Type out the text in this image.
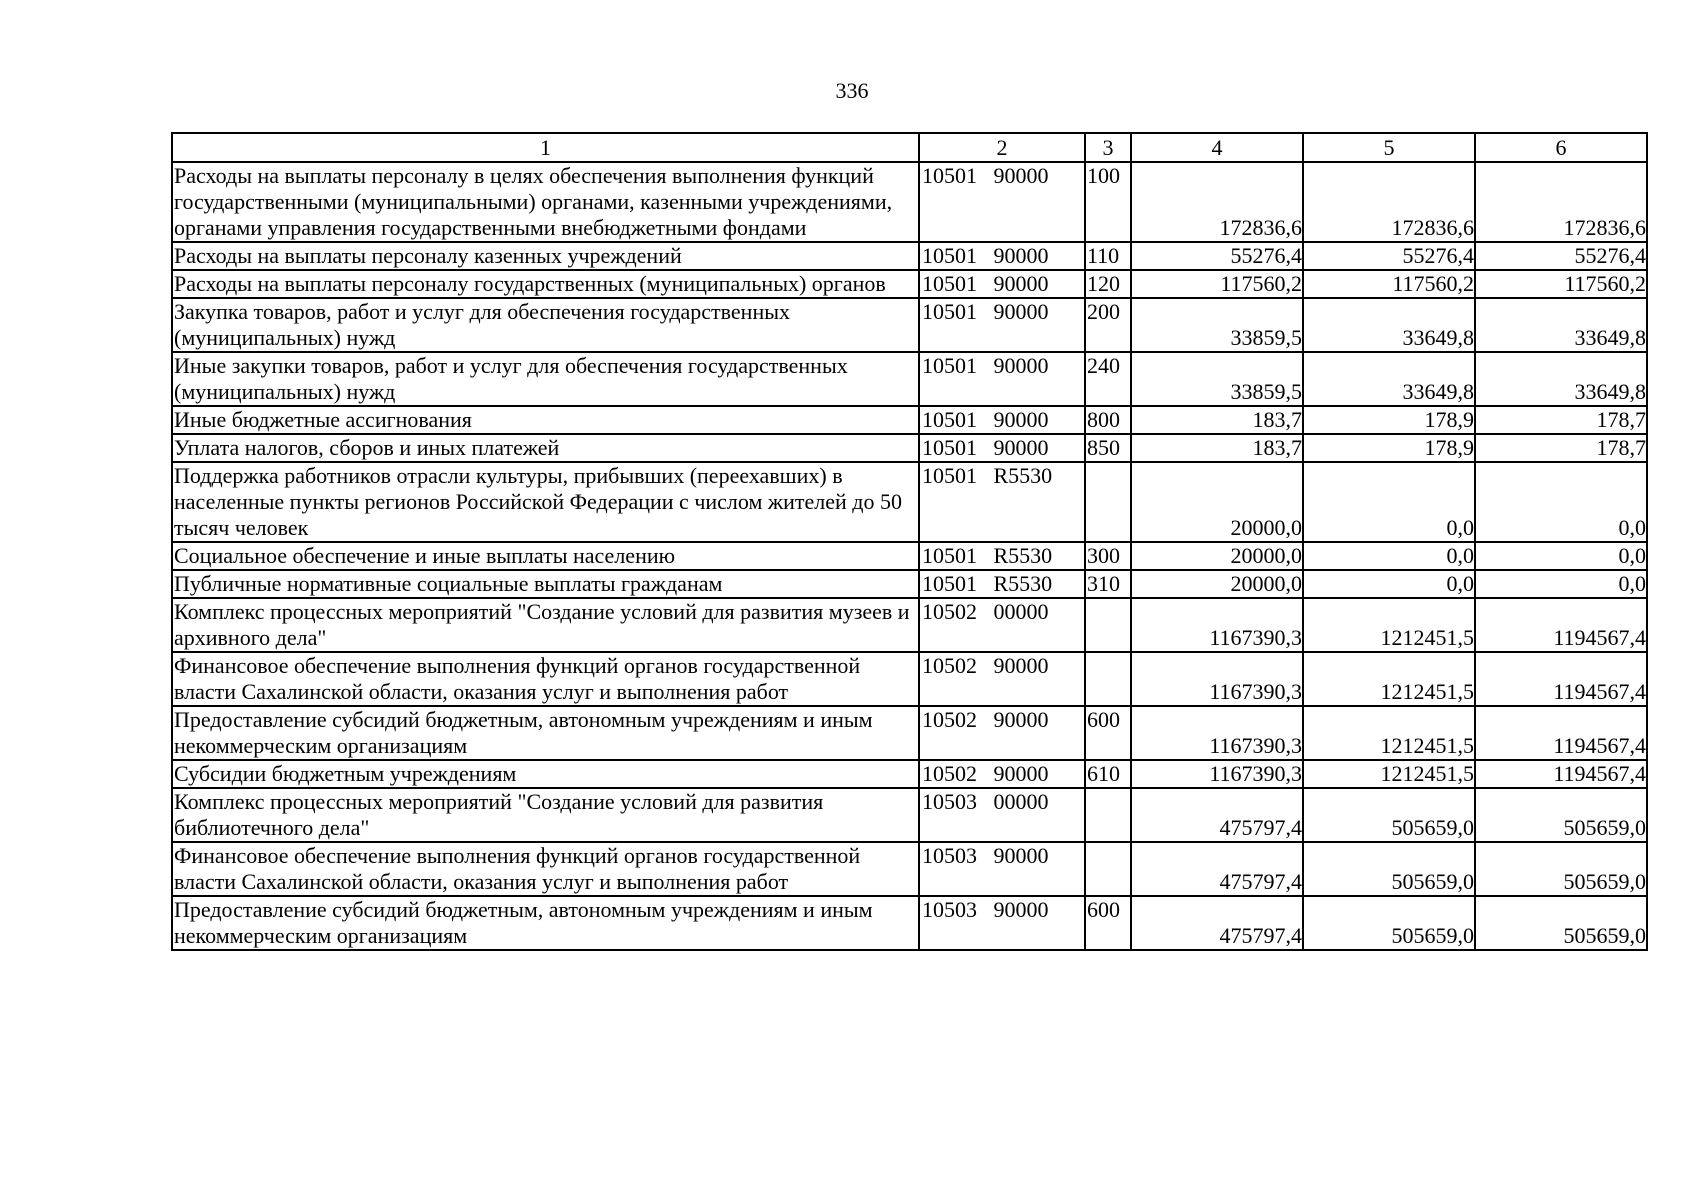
336
1	2	3	4	5	6
Расходы на выплаты персоналу в целях обеспечения выполнения функций государственными (муниципальными) органами, казенными учреждениями, органами управления государственными внебюджетными фондами	10501   90000	100	172836,6	172836,6	172836,6
Расходы на выплаты персоналу казенных учреждений	10501   90000	110	55276,4	55276,4	55276,4
Расходы на выплаты персоналу государственных (муниципальных) органов	10501   90000	120	117560,2	117560,2	117560,2
Закупка товаров, работ и услуг для обеспечения государственных (муниципальных) нужд	10501   90000	200	33859,5	33649,8	33649,8
Иные закупки товаров, работ и услуг для обеспечения государственных (муниципальных) нужд	10501   90000	240	33859,5	33649,8	33649,8
Иные бюджетные ассигнования	10501   90000	800	183,7	178,9	178,7
Уплата налогов, сборов и иных платежей	10501   90000	850	183,7	178,9	178,7
Поддержка работников отрасли культуры, прибывших (переехавших) в населенные пункты регионов Российской Федерации с числом жителей до 50 тысяч человек	10501   R5530		20000,0	0,0	0,0
Социальное обеспечение и иные выплаты населению	10501   R5530	300	20000,0	0,0	0,0
Публичные нормативные социальные выплаты гражданам	10501   R5530	310	20000,0	0,0	0,0
Комплекс процессных мероприятий "Создание условий для развития музеев и архивного дела"	10502   00000		1167390,3	1212451,5	1194567,4
Финансовое обеспечение выполнения функций органов государственной власти Сахалинской области, оказания услуг и выполнения работ	10502   90000		1167390,3	1212451,5	1194567,4
Предоставление субсидий бюджетным, автономным учреждениям и иным некоммерческим организациям	10502   90000	600	1167390,3	1212451,5	1194567,4
Субсидии бюджетным учреждениям	10502   90000	610	1167390,3	1212451,5	1194567,4
Комплекс процессных мероприятий "Создание условий для развития библиотечного дела"	10503   00000		475797,4	505659,0	505659,0
Финансовое обеспечение выполнения функций органов государственной власти Сахалинской области, оказания услуг и выполнения работ	10503   90000		475797,4	505659,0	505659,0
Предоставление субсидий бюджетным, автономным учреждениям и иным некоммерческим организациям	10503   90000	600	475797,4	505659,0	505659,0
